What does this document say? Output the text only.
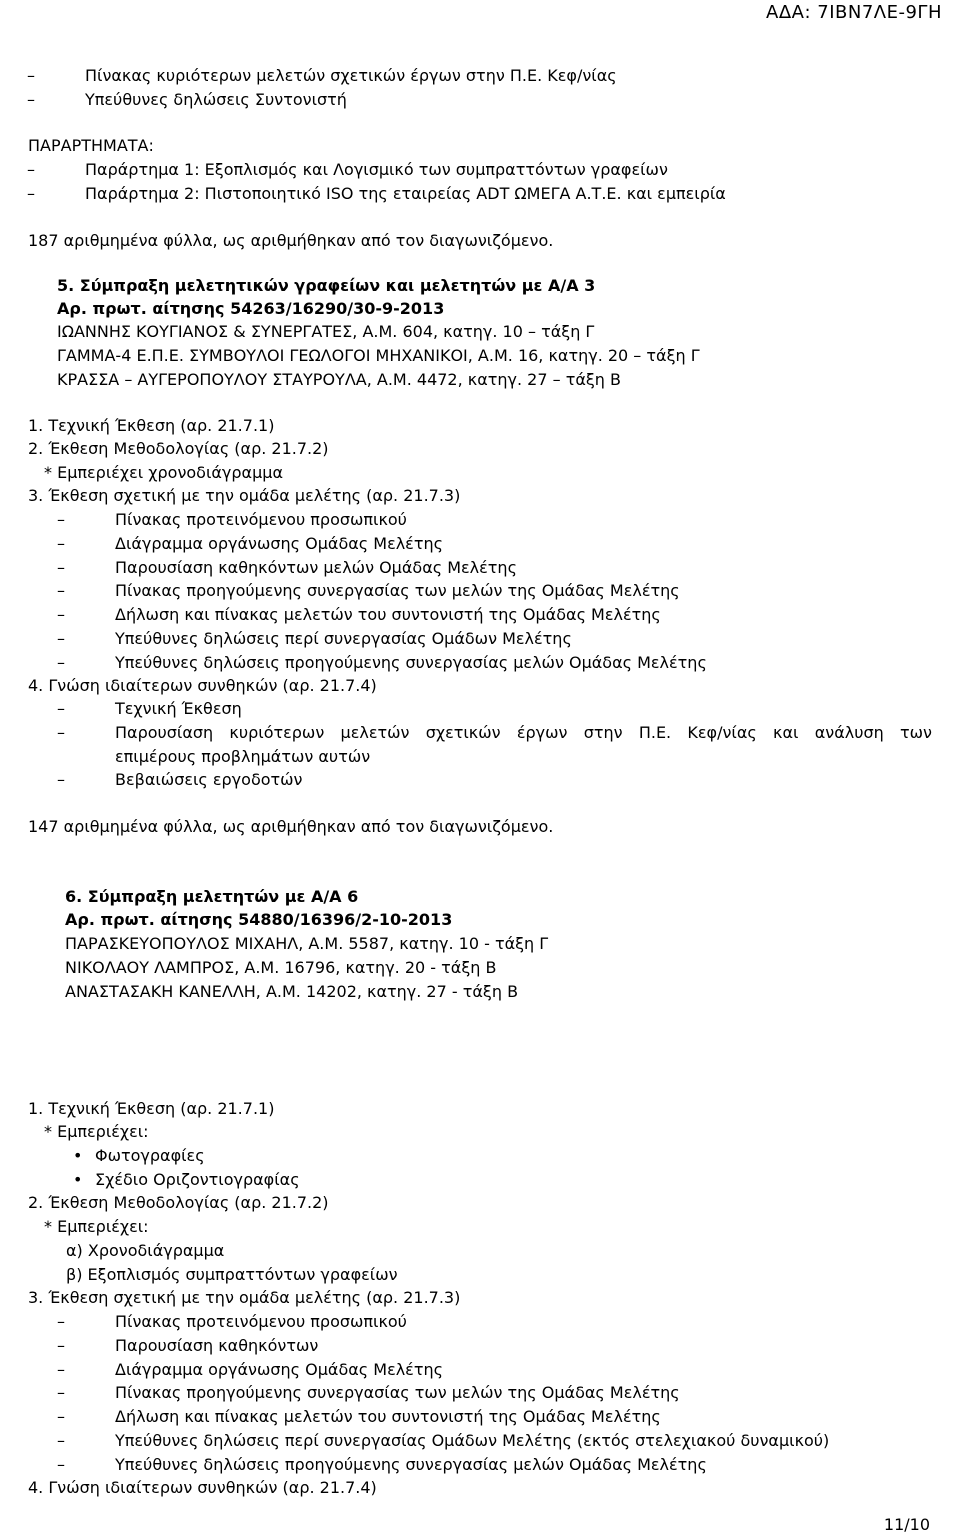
ΑΔΑ: 7ΙΒΝ7ΛΕ-9ΓΗ
– Πίνακας κυριότερων μελετών σχετικών έργων στην Π.Ε. Κεφ/νίας
– Υπεύθυνες δηλώσεις Συντονιστή
ΠΑΡΑΡΤΗΜΑΤΑ:
– Παράρτημα 1: Εξοπλισμός και Λογισμικό των συμπραττόντων γραφείων
– Παράρτημα 2: Πιστοποιητικό ISO της εταιρείας ADT ΩΜΕΓΑ Α.Τ.Ε. και εμπειρία
187 αριθμημένα φύλλα, ως αριθμήθηκαν από τον διαγωνιζόμενο.
5. Σύμπραξη μελετητικών γραφείων και μελετητών με Α/Α 3
Αρ. πρωτ. αίτησης 54263/16290/30-9-2013
ΙΩΑΝΝΗΣ ΚΟΥΓΙΑΝΟΣ & ΣΥΝΕΡΓΑΤΕΣ, Α.Μ. 604, κατηγ. 10 – τάξη Γ
ΓΑΜΜΑ-4 Ε.Π.Ε. ΣΥΜΒΟΥΛΟΙ ΓΕΩΛΟΓΟΙ ΜΗΧΑΝΙΚΟΙ, Α.Μ. 16, κατηγ. 20 – τάξη Γ
ΚΡΑΣΣΑ – ΑΥΓΕΡΟΠΟΥΛΟΥ ΣΤΑΥΡΟΥΛΑ, Α.Μ. 4472, κατηγ. 27 – τάξη Β
1. Τεχνική Έκθεση (αρ. 21.7.1)
2. Έκθεση Μεθοδολογίας (αρ. 21.7.2)
* Εμπεριέχει χρονοδιάγραμμα
3. Έκθεση σχετική με την ομάδα μελέτης (αρ. 21.7.3)
– Πίνακας προτεινόμενου προσωπικού
– Διάγραμμα οργάνωσης Ομάδας Μελέτης
– Παρουσίαση καθηκόντων μελών Ομάδας Μελέτης
– Πίνακας προηγούμενης συνεργασίας των μελών της Ομάδας Μελέτης
– Δήλωση και πίνακας μελετών του συντονιστή της Ομάδας Μελέτης
– Υπεύθυνες δηλώσεις περί συνεργασίας Ομάδων Μελέτης
– Υπεύθυνες δηλώσεις προηγούμενης συνεργασίας μελών Ομάδας Μελέτης
4. Γνώση ιδιαίτερων συνθηκών (αρ. 21.7.4)
– Τεχνική Έκθεση
– Παρουσίαση κυριότερων μελετών σχετικών έργων στην Π.Ε. Κεφ/νίας και ανάλυση των
επιμέρους προβλημάτων αυτών
– Βεβαιώσεις εργοδοτών
147 αριθμημένα φύλλα, ως αριθμήθηκαν από τον διαγωνιζόμενο.
6. Σύμπραξη μελετητών με Α/Α 6
Αρ. πρωτ. αίτησης 54880/16396/2-10-2013
ΠΑΡΑΣΚΕΥΟΠΟΥΛΟΣ ΜΙΧΑΗΛ, Α.Μ. 5587, κατηγ. 10 - τάξη Γ
ΝΙΚΟΛΑΟΥ ΛΑΜΠΡΟΣ, Α.Μ. 16796, κατηγ. 20 - τάξη Β
ΑΝΑΣΤΑΣΑΚΗ ΚΑΝΕΛΛΗ, Α.Μ. 14202, κατηγ. 27 - τάξη Β
1. Τεχνική Έκθεση (αρ. 21.7.1)
* Εμπεριέχει:
• Φωτογραφίες
• Σχέδιο Οριζοντιογραφίας
2. Έκθεση Μεθοδολογίας (αρ. 21.7.2)
* Εμπεριέχει:
α) Χρονοδιάγραμμα
β) Εξοπλισμός συμπραττόντων γραφείων
3. Έκθεση σχετική με την ομάδα μελέτης (αρ. 21.7.3)
– Πίνακας προτεινόμενου προσωπικού
– Παρουσίαση καθηκόντων
– Διάγραμμα οργάνωσης Ομάδας Μελέτης
– Πίνακας προηγούμενης συνεργασίας των μελών της Ομάδας Μελέτης
– Δήλωση και πίνακας μελετών του συντονιστή της Ομάδας Μελέτης
– Υπεύθυνες δηλώσεις περί συνεργασίας Ομάδων Μελέτης (εκτός στελεχιακού δυναμικού)
– Υπεύθυνες δηλώσεις προηγούμενης συνεργασίας μελών Ομάδας Μελέτης
4. Γνώση ιδιαίτερων συνθηκών (αρ. 21.7.4)
11/10
